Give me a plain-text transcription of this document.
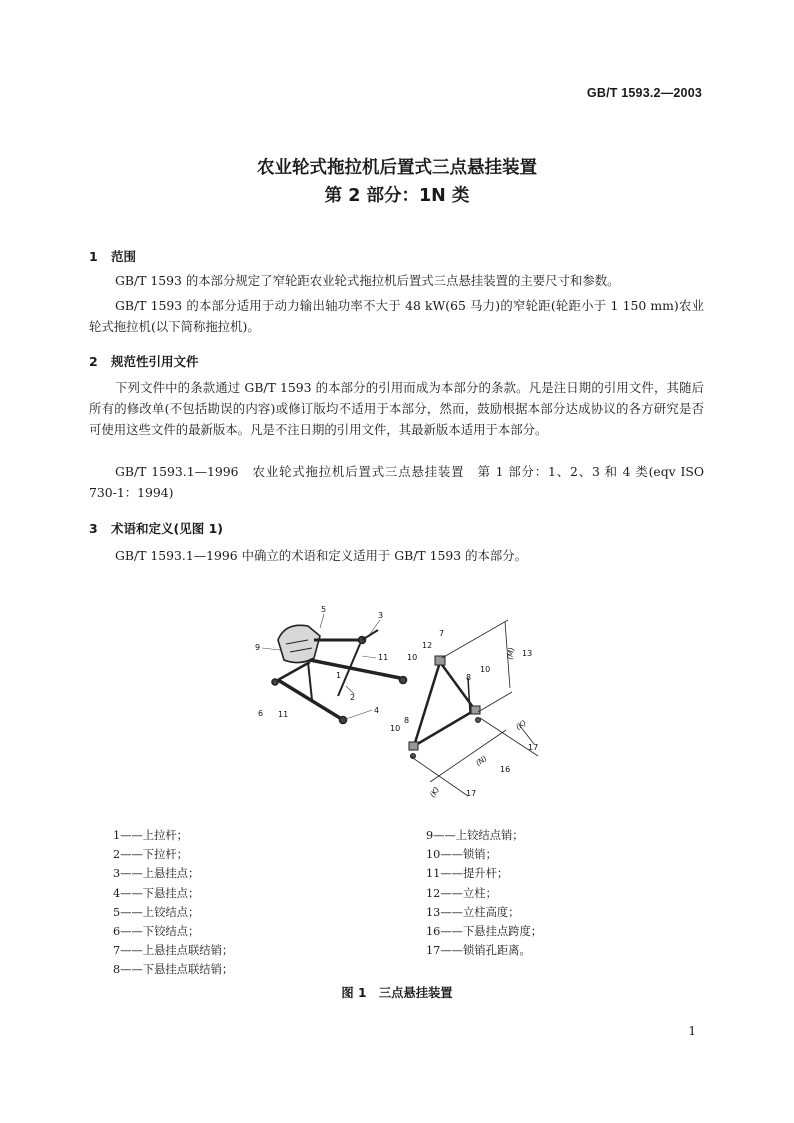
GB/T 1593.2—2003
农业轮式拖拉机后置式三点悬挂装置
第 2 部分：1N 类
1 范围

GB/T 1593 的本部分规定了窄轮距农业轮式拖拉机后置式三点悬挂装置的主要尺寸和参数。

GB/T 1593 的本部分适用于动力输出轴功率不大于 48 kW(65 马力)的窄轮距(轮距小于 1 150 mm)农业轮式拖拉机(以下简称拖拉机)。

2 规范性引用文件

下列文件中的条款通过 GB/T 1593 的本部分的引用而成为本部分的条款。凡是注日期的引用文件，其随后所有的修改单(不包括勘误的内容)或修订版均不适用于本部分，然而，鼓励根据本部分达成协议的各方研究是否可使用这些文件的最新版本。凡是不注日期的引用文件，其最新版本适用于本部分。

GB/T 1593.1—1996　农业轮式拖拉机后置式三点悬挂装置　第 1 部分：1、2、3 和 4 类(eqv ISO 730-1：1994)

3 术语和定义(见图 1)

GB/T 1593.1—1996 中确立的术语和定义适用于 GB/T 1593 的本部分。

5
3
9
11
1
2
6 11	4
7
12
10
10
8
13
8
10
17
16
17
(M)
(K)
(N)
(K)
1——上拉杆；
2——下拉杆；
3——上悬挂点；
4——下悬挂点；
5——上铰结点；
6——下铰结点；
7——上悬挂点联结销；
8——下悬挂点联结销；
9——上铰结点销；
10——锁销；
11——提升杆；
12——立柱；
13——立柱高度；
16——下悬挂点跨度；
17——锁销孔距离。
图 1　三点悬挂装置
1
